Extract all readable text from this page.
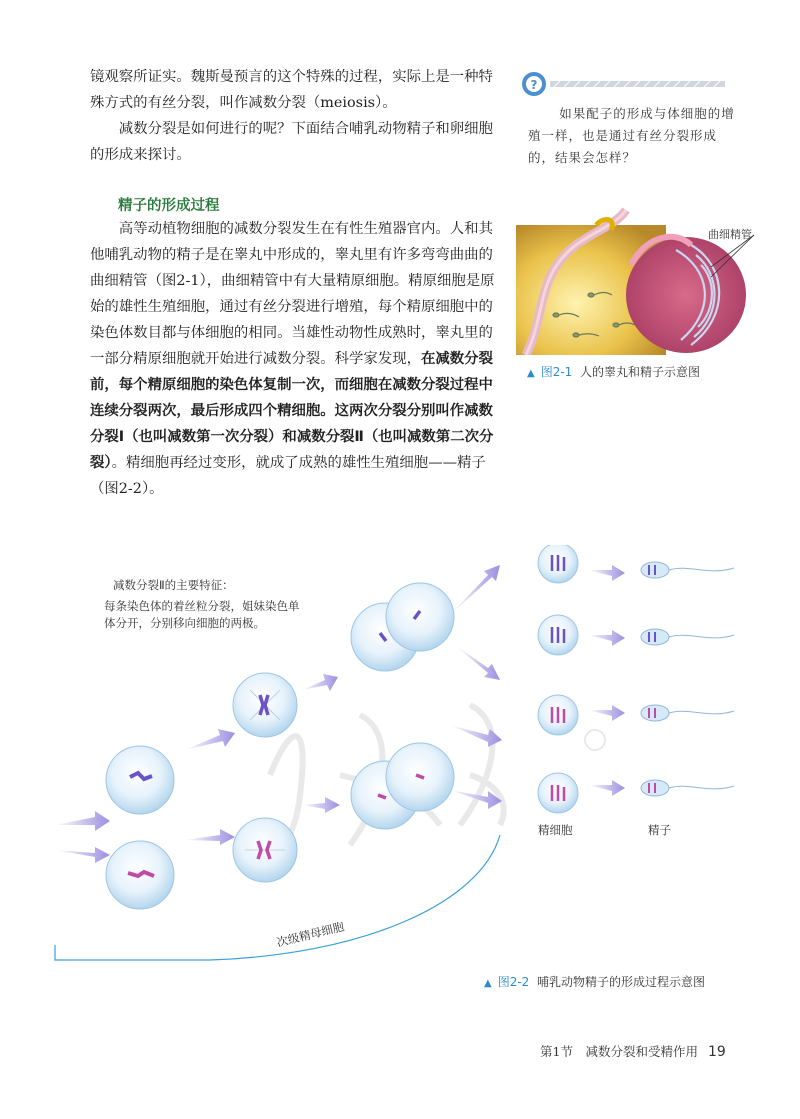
镜观察所证实。魏斯曼预言的这个特殊的过程，实际上是一种特殊方式的有丝分裂，叫作减数分裂（meiosis）。

减数分裂是如何进行的呢？下面结合哺乳动物精子和卵细胞的形成来探讨。

精子的形成过程

高等动植物细胞的减数分裂发生在有性生殖器官内。人和其他哺乳动物的精子是在睾丸中形成的，睾丸里有许多弯弯曲曲的曲细精管（图2-1），曲细精管中有大量精原细胞。精原细胞是原始的雄性生殖细胞，通过有丝分裂进行增殖，每个精原细胞中的染色体数目都与体细胞的相同。当雄性动物性成熟时，睾丸里的一部分精原细胞就开始进行减数分裂。科学家发现，在减数分裂前，每个精原细胞的染色体复制一次，而细胞在减数分裂过程中连续分裂两次，最后形成四个精细胞。这两次分裂分别叫作减数分裂Ⅰ（也叫减数第一次分裂）和减数分裂Ⅱ（也叫减数第二次分裂）。精细胞再经过变形，就成了成熟的雄性生殖细胞——精子（图2-2）。

?

如果配子的形成与体细胞的增殖一样，也是通过有丝分裂形成的，结果会怎样？

曲细精管
▲ 图2-1 人的睾丸和精子示意图
减数分裂Ⅱ的主要特征：
每条染色体的着丝粒分裂，姐妹染色单体分开，分别移向细胞的两极。
精细胞	精子
次级精母细胞
▲ 图2-2 哺乳动物精子的形成过程示意图
第1节　减数分裂和受精作用 19
